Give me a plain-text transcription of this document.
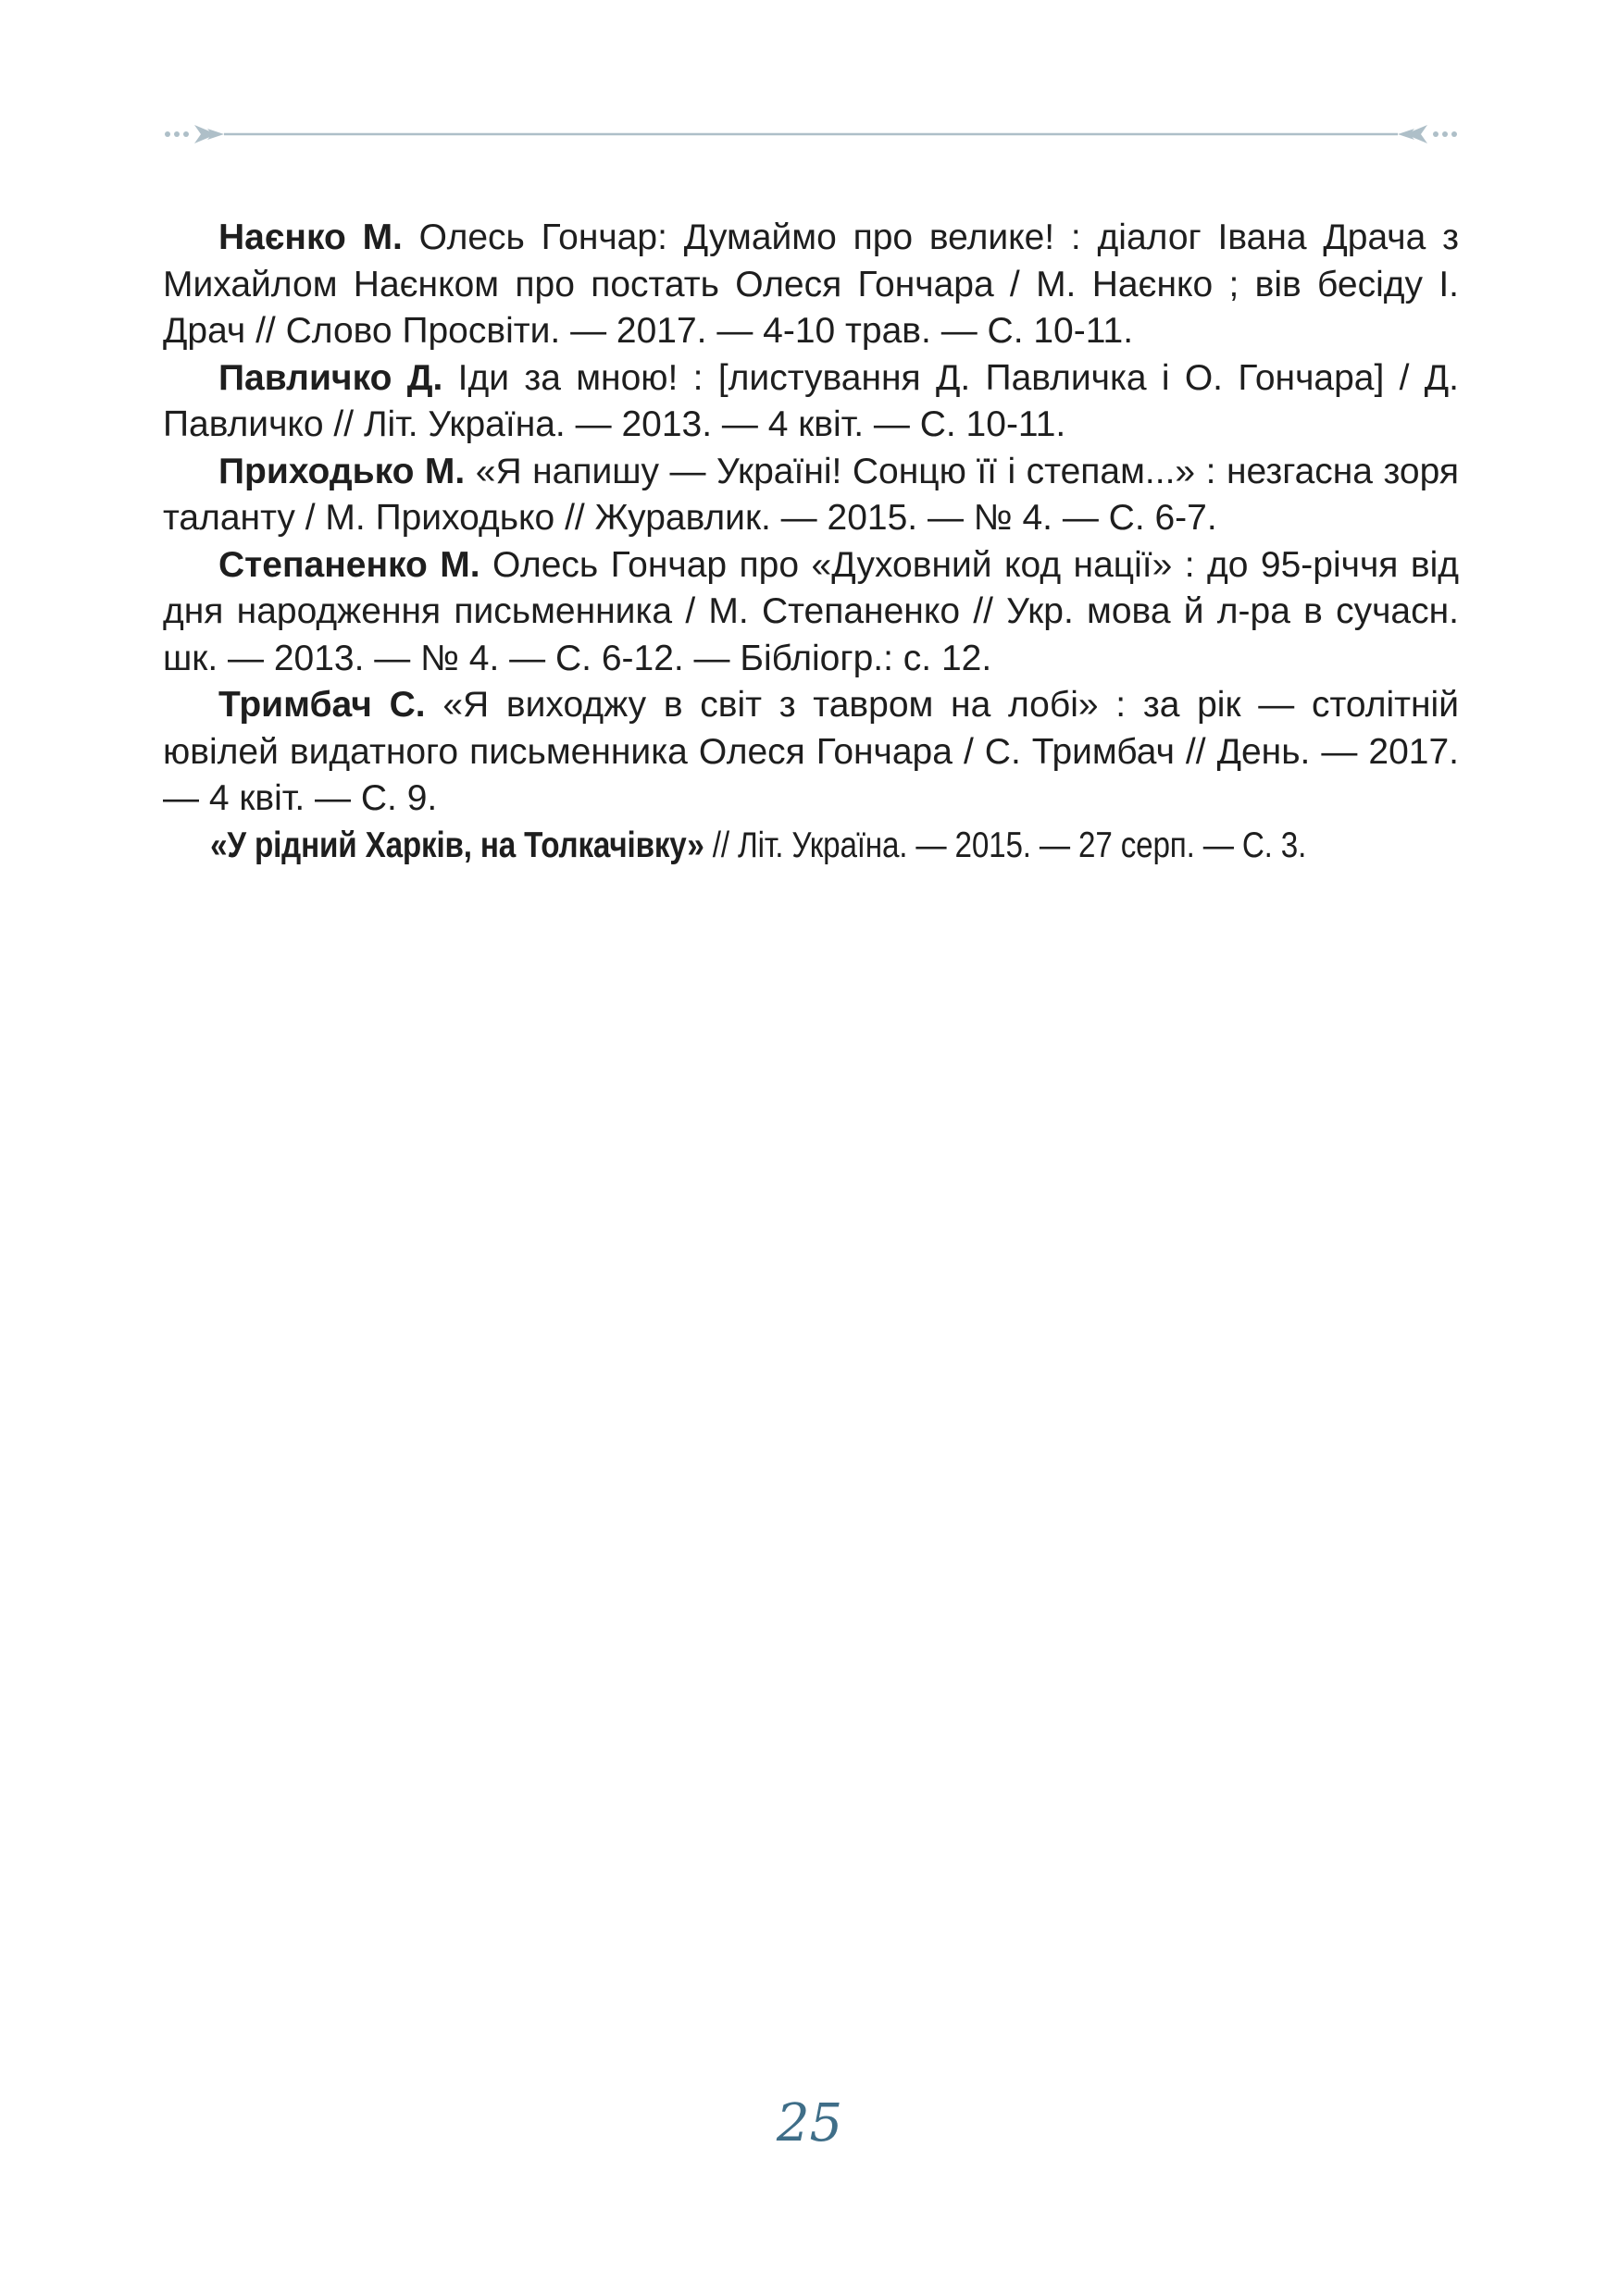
Наєнко М. Олесь Гончар: Думаймо про велике! : діалог Івана Драча з Михайлом Наєнком про постать Олеся Гончара / М. Наєнко ; вів бесіду І. Драч // Слово Просвіти. — 2017. — 4-10 трав. — С. 10-11.

Павличко Д. Іди за мною! : [листування Д. Павличка і О. Гончара] / Д. Павличко // Літ. Україна. — 2013. — 4 квіт. — С. 10-11.

Приходько М. «Я напишу — Україні! Сонцю її і степам...» : незгасна зоря таланту / М. Приходько // Журавлик. — 2015. — № 4. — С. 6-7.

Степаненко М. Олесь Гончар про «Духовний код нації» : до 95-річчя від дня народження письменника / М. Степаненко // Укр. мова й л-ра в сучасн. шк. — 2013. — № 4. — С. 6-12. — Бібліогр.: с. 12.

Тримбач С. «Я виходжу в світ з тавром на лобі» : за рік — столітній ювілей видатного письменника Олеся Гончара / С. Тримбач // День. — 2017. — 4 квіт. — С. 9.

«У рідний Харків, на Толкачівку» // Літ. Україна. — 2015. — 27 серп. — С. 3.

25
